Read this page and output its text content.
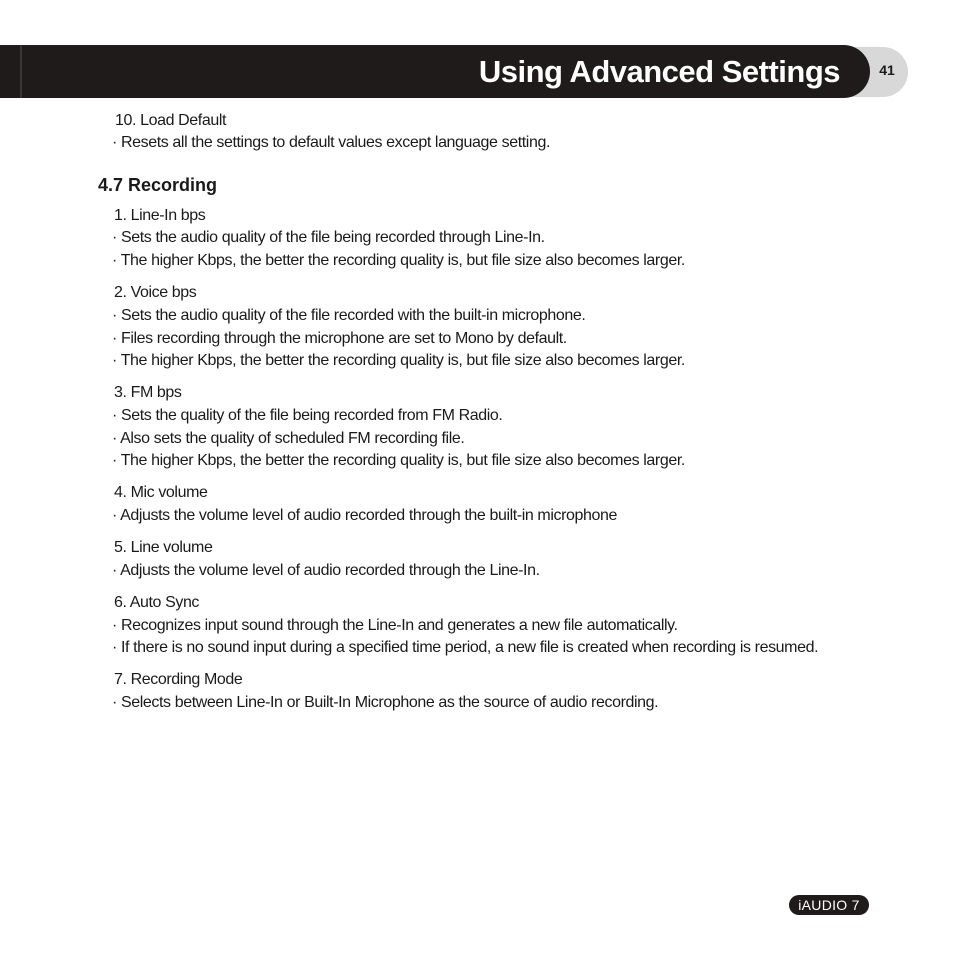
Using Advanced Settings	41
10. Load Default
· Resets all the settings to default values except language setting.
4.7 Recording
1. Line-In bps
· Sets the audio quality of the file being recorded through Line-In.
· The higher Kbps, the better the recording quality is, but file size also becomes larger.
2. Voice bps
· Sets the audio quality of the file recorded with the built-in microphone.
· Files recording through the microphone are set to Mono by default.
· The higher Kbps, the better the recording quality is, but file size also becomes larger.
3. FM bps
· Sets the quality of the file being recorded from FM Radio.
· Also sets the quality of scheduled FM recording file.
· The higher Kbps, the better the recording quality is, but file size also becomes larger.
4. Mic volume
· Adjusts the volume level of audio recorded through the built-in microphone
5. Line volume
· Adjusts the volume level of audio recorded through the Line-In.
6. Auto Sync
· Recognizes input sound through the Line-In and generates a new file automatically.
· If there is no sound input during a specified time period, a new file is created when recording is resumed.
7. Recording Mode
· Selects between Line-In or Built-In Microphone as the source of audio recording.
iAUDIO 7
